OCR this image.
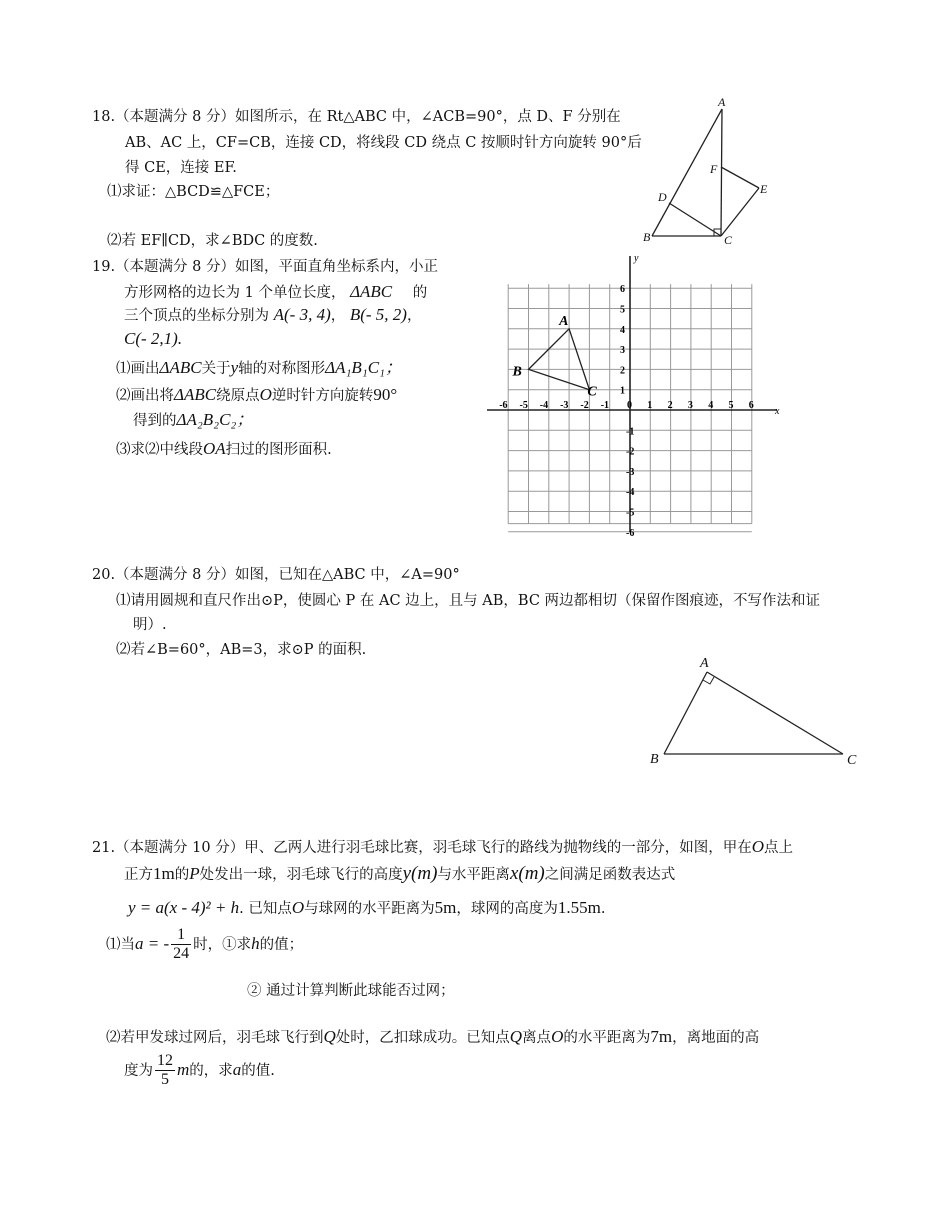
18.（本题满分 8 分）如图所示，在 Rt△ABC 中，∠ACB=90°，点 D、F 分别在
AB、AC 上，CF=CB，连接 CD，将线段 CD 绕点 C 按顺时针方向旋转 90°后
得 CE，连接 EF.
⑴求证：△BCD≌△FCE；
⑵若 EF∥CD，求∠BDC 的度数.
A
B	C
D
E
F
19.（本题满分 8 分）如图，平面直角坐标系内，小正
方形网格的边长为 1 个单位长度， ΔABC 的
三个顶点的坐标分别为 A(- 3, 4)， B(- 5, 2)，
C(- 2,1).
⑴画出ΔABC关于y轴的对称图形ΔA₁B₁C₁；
⑵画出将ΔABC绕原点O逆时针方向旋转90°
得到的ΔA₂B₂C₂；
⑶求⑵中线段OA扫过的图形面积.
x
y
-6 -5 -4 -3 -2 -1 0 1 2 3 4 5 6
1
2
3
4
5
6
-1
-2
-3
-4
-5
-6
A
B
C
20.（本题满分 8 分）如图，已知在△ABC 中，∠A=90°
⑴请用圆规和直尺作出⊙P，使圆心 P 在 AC 边上，且与 AB，BC 两边都相切（保留作图痕迹，不写作法和证
明）.
⑵若∠B=60°，AB=3，求⊙P 的面积.
A
B	C
21.（本题满分 10 分）甲、乙两人进行羽毛球比赛，羽毛球飞行的路线为抛物线的一部分，如图，甲在O点上
正方1m的P处发出一球，羽毛球飞行的高度y(m)与水平距离x(m)之间满足函数表达式
y = a(x - 4)² + h. 已知点O与球网的水平距离为5m，球网的高度为1.55m.
⑴当a = - $\frac{1}{24}$ 时，①求h的值；
② 通过计算判断此球能否过网；
⑵若甲发球过网后，羽毛球飞行到Q处时，乙扣球成功。已知点Q离点O的水平距离为7m，离地面的高
度为 $\frac{12}{5}$ m的，求a的值.
